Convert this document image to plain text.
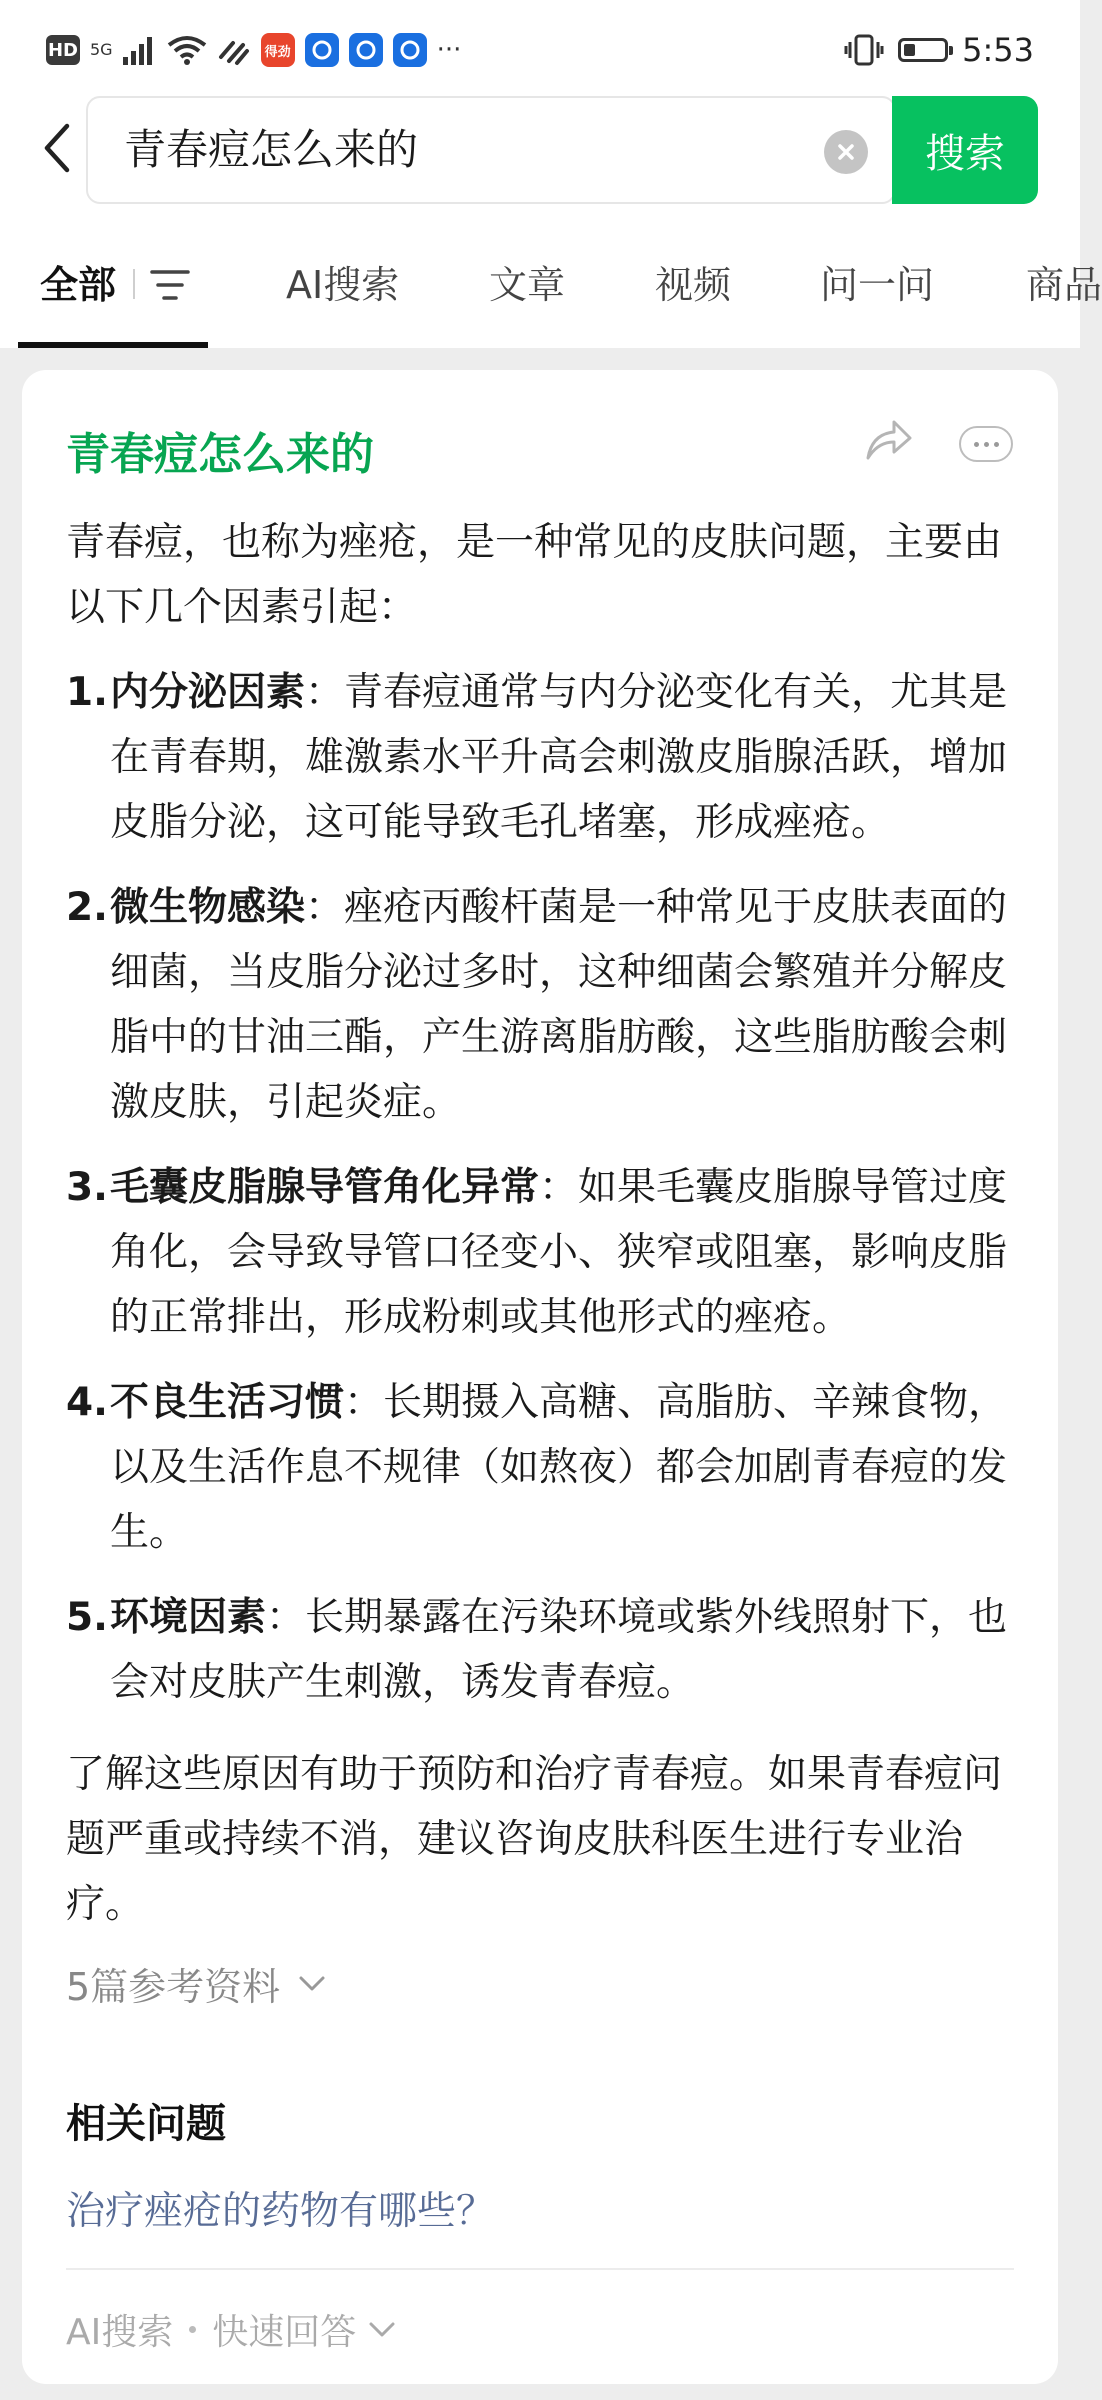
HD 5G	得劲	···	5:53
青春痘怎么来的	搜索
全部	AI搜索 文章 视频 问一问 商品
青春痘怎么来的
青春痘，也称为痤疮，是一种常见的皮肤问题，主要由以下几个因素引起：
1. 内分泌因素：青春痘通常与内分泌变化有关，尤其是在青春期，雄激素水平升高会刺激皮脂腺活跃，增加皮脂分泌，这可能导致毛孔堵塞，形成痤疮。
2. 微生物感染：痤疮丙酸杆菌是一种常见于皮肤表面的细菌，当皮脂分泌过多时，这种细菌会繁殖并分解皮脂中的甘油三酯，产生游离脂肪酸，这些脂肪酸会刺激皮肤，引起炎症。
3. 毛囊皮脂腺导管角化异常：如果毛囊皮脂腺导管过度角化，会导致导管口径变小、狭窄或阻塞，影响皮脂的正常排出，形成粉刺或其他形式的痤疮。
4. 不良生活习惯：长期摄入高糖、高脂肪、辛辣食物，以及生活作息不规律（如熬夜）都会加剧青春痘的发生。
5. 环境因素：长期暴露在污染环境或紫外线照射下，也会对皮肤产生刺激，诱发青春痘。
了解这些原因有助于预防和治疗青春痘。如果青春痘问题严重或持续不消，建议咨询皮肤科医生进行专业治疗。
5篇参考资料
相关问题
治疗痤疮的药物有哪些？
AI搜索 快速回答
